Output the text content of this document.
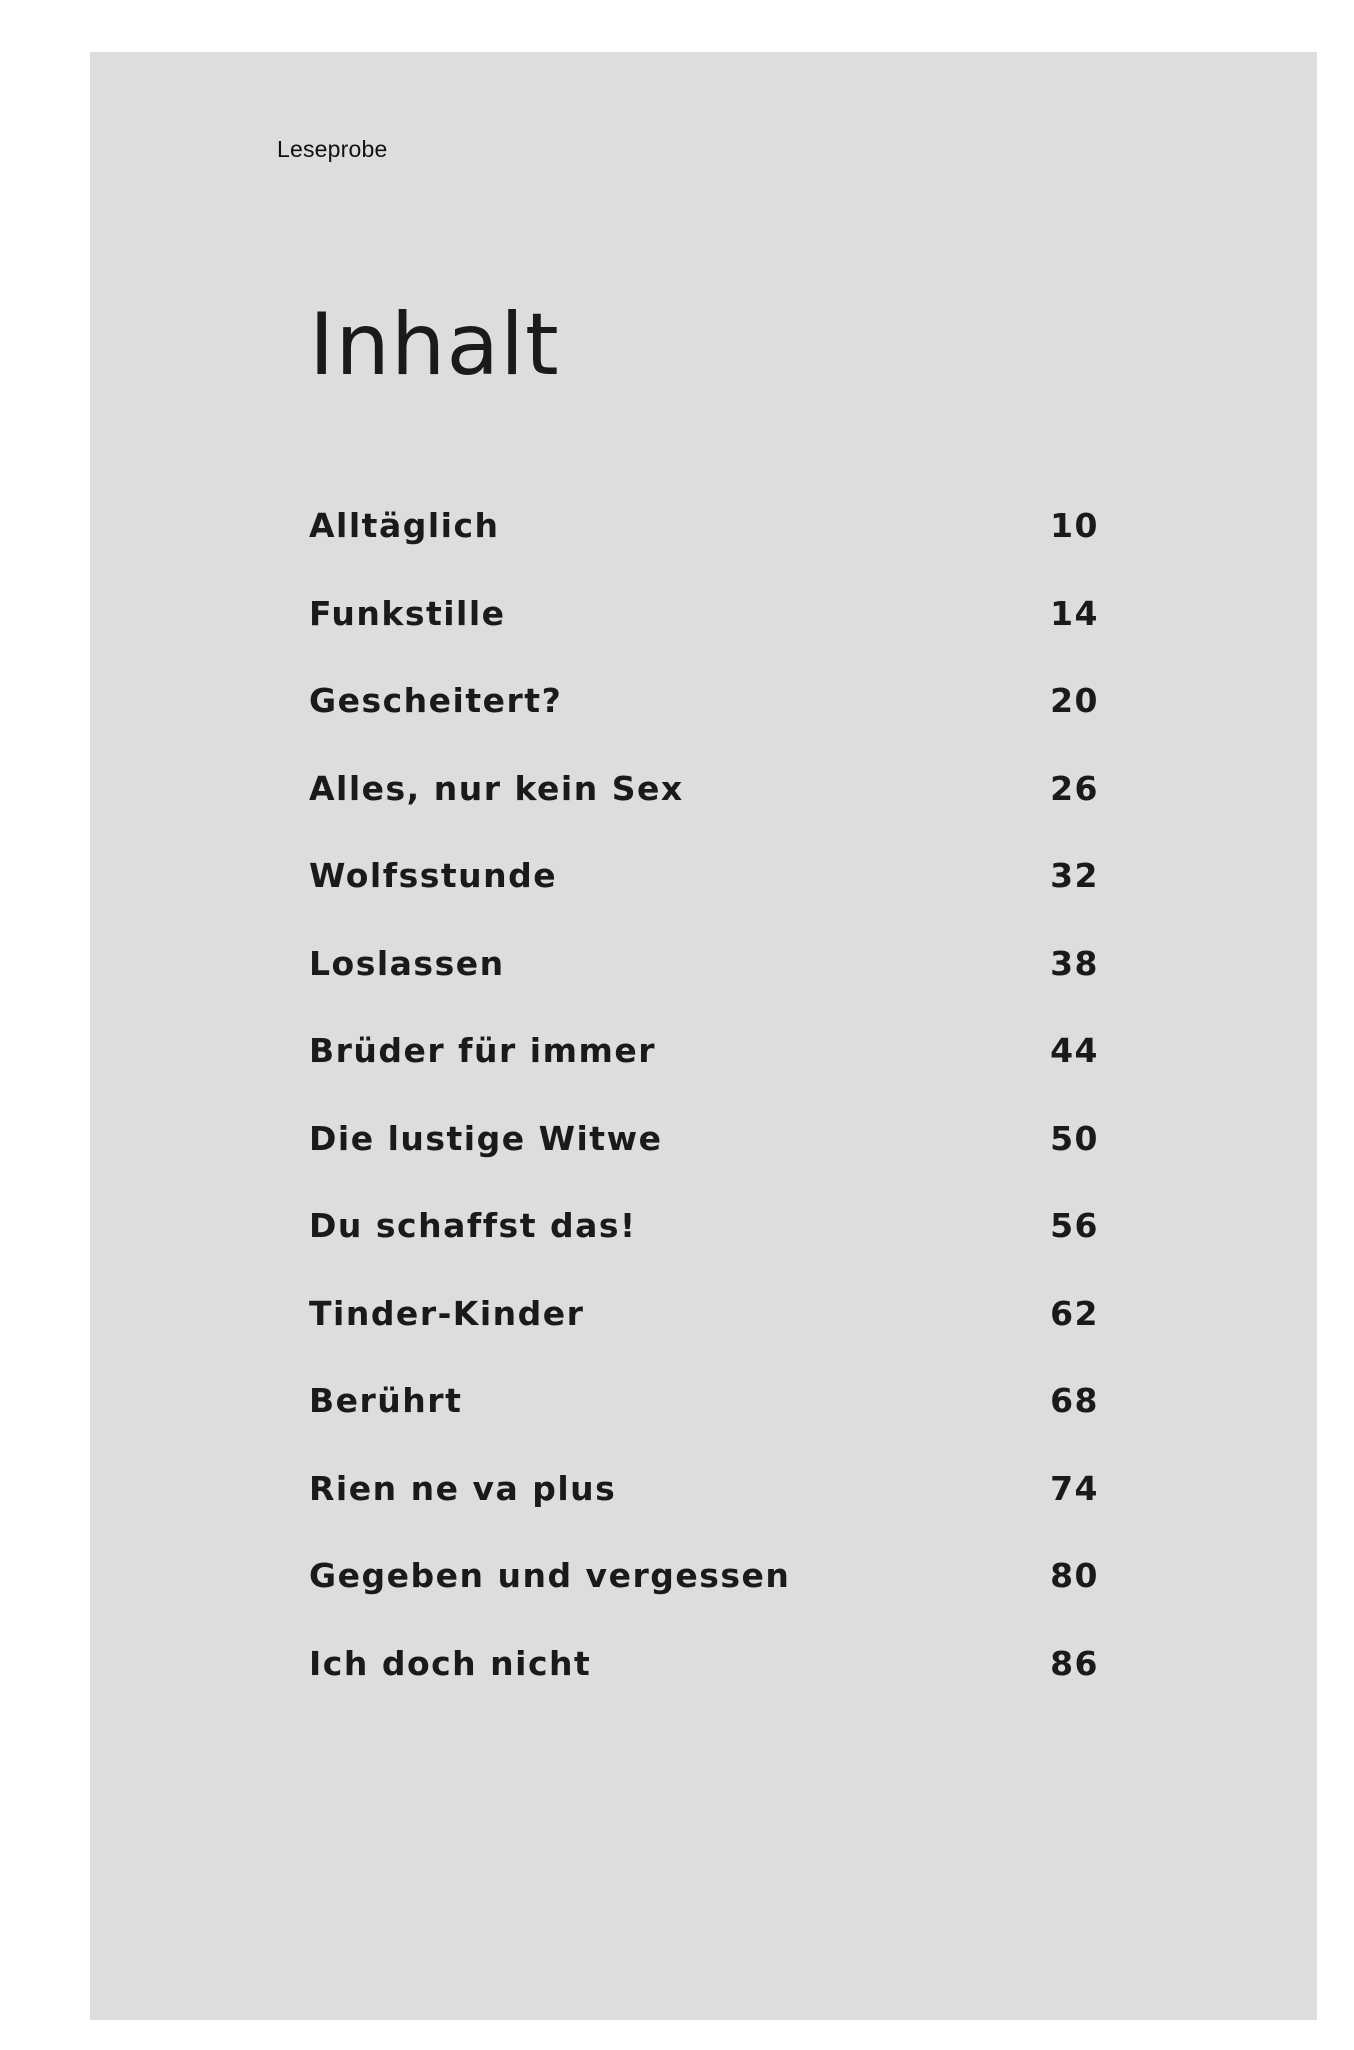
Leseprobe
Inhalt
Alltäglich	10
Funkstille	14
Gescheitert?	20
Alles, nur kein Sex	26
Wolfsstunde	32
Loslassen	38
Brüder für immer	44
Die lustige Witwe	50
Du schaffst das!	56
Tinder-Kinder	62
Berührt	68
Rien ne va plus	74
Gegeben und vergessen	80
Ich doch nicht	86
